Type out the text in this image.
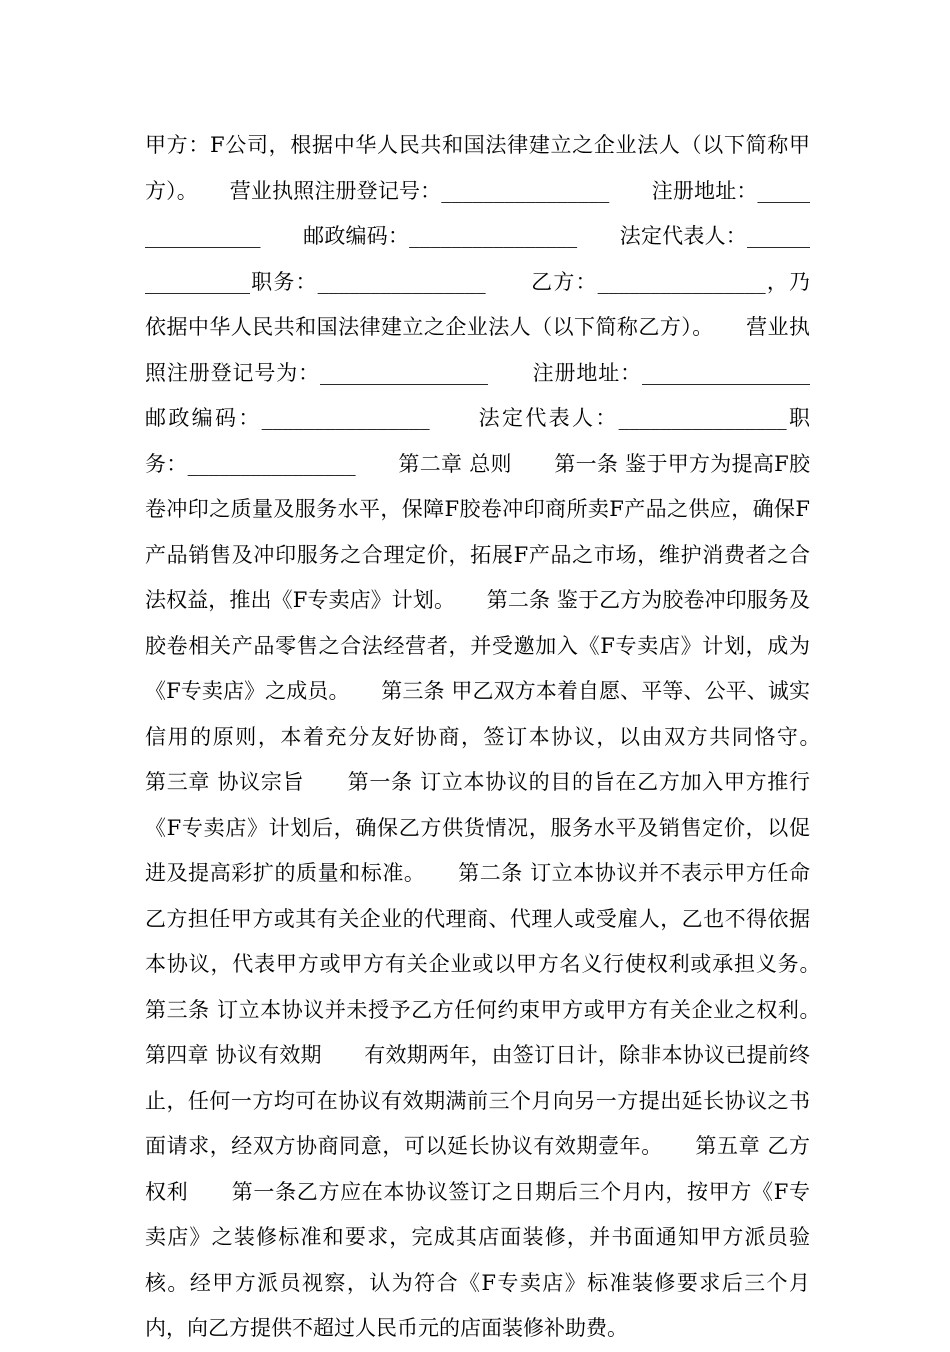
甲方：F公司，根据中华人民共和国法律建立之企业法人（以下简称甲方）。　　营业执照注册登记号：________________　　注册地址：________________　　邮政编码：________________　　法定代表人：________________职务：________________　　乙方：________________，乃依据中华人民共和国法律建立之企业法人（以下简称乙方）。　　营业执照注册登记号为：________________　　注册地址：________________　　邮政编码：________________　　法定代表人：________________职务：________________　　第二章 总则　　第一条 鉴于甲方为提高F胶卷冲印之质量及服务水平，保障F胶卷冲印商所卖F产品之供应，确保F产品销售及冲印服务之合理定价，拓展F产品之市场，维护消费者之合法权益，推出《F专卖店》计划。　　第二条 鉴于乙方为胶卷冲印服务及胶卷相关产品零售之合法经营者，并受邀加入《F专卖店》计划，成为《F专卖店》之成员。　　第三条 甲乙双方本着自愿、平等、公平、诚实信用的原则，本着充分友好协商，签订本协议，以由双方共同恪守。　　第三章 协议宗旨　　第一条 订立本协议的目的旨在乙方加入甲方推行《F专卖店》计划后，确保乙方供货情况，服务水平及销售定价，以促进及提高彩扩的质量和标准。　　第二条 订立本协议并不表示甲方任命乙方担任甲方或其有关企业的代理商、代理人或受雇人，乙也不得依据本协议，代表甲方或甲方有关企业或以甲方名义行使权利或承担义务。　　第三条 订立本协议并未授予乙方任何约束甲方或甲方有关企业之权利。　　第四章 协议有效期　　有效期两年，由签订日计，除非本协议已提前终止，任何一方均可在协议有效期满前三个月向另一方提出延长协议之书面请求，经双方协商同意，可以延长协议有效期壹年。　　第五章 乙方权利　　第一条乙方应在本协议签订之日期后三个月内，按甲方《F专卖店》之装修标准和要求，完成其店面装修，并书面通知甲方派员验核。经甲方派员视察，认为符合《F专卖店》标准装修要求后三个月内，向乙方提供不超过人民币元的店面装修补助费。
